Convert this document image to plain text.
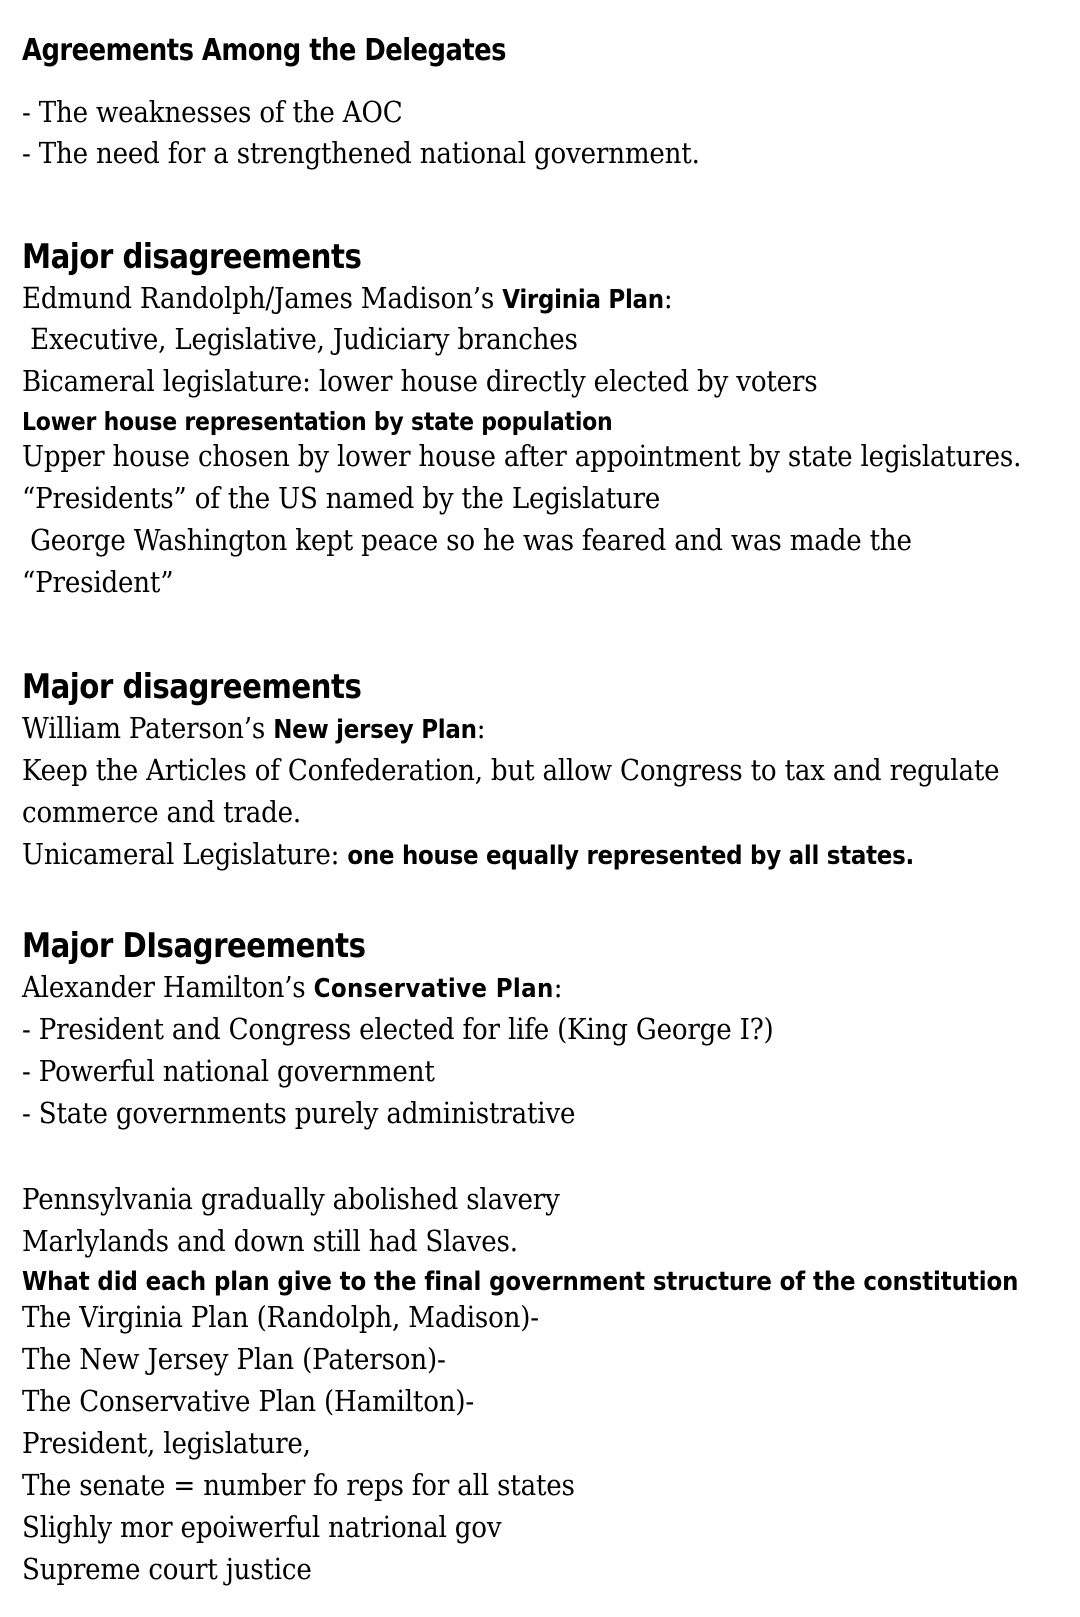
Agreements Among the Delegates

- The weaknesses of the AOC

- The need for a strengthened national government.

Major disagreements

Edmund Randolph/James Madison’s Virginia Plan:

Executive, Legislative, Judiciary branches

Bicameral legislature: lower house directly elected by voters

Lower house representation by state population

Upper house chosen by lower house after appointment by state legislatures.

“Presidents” of the US named by the Legislature

George Washington kept peace so he was feared and was made the

“President”

Major disagreements

William Paterson’s New jersey Plan:

Keep the Articles of Confederation, but allow Congress to tax and regulate

commerce and trade.

Unicameral Legislature: one house equally represented by all states.

Major DIsagreements

Alexander Hamilton’s Conservative Plan:

- President and Congress elected for life (King George I?)

- Powerful national government

- State governments purely administrative

Pennsylvania gradually abolished slavery

Marlylands and down still had Slaves.

What did each plan give to the final government structure of the constitution

The Virginia Plan (Randolph, Madison)-

The New Jersey Plan (Paterson)-

The Conservative Plan (Hamilton)-

President, legislature,

The senate = number fo reps for all states

Slighly mor epoiwerful natrional gov

Supreme court justice
